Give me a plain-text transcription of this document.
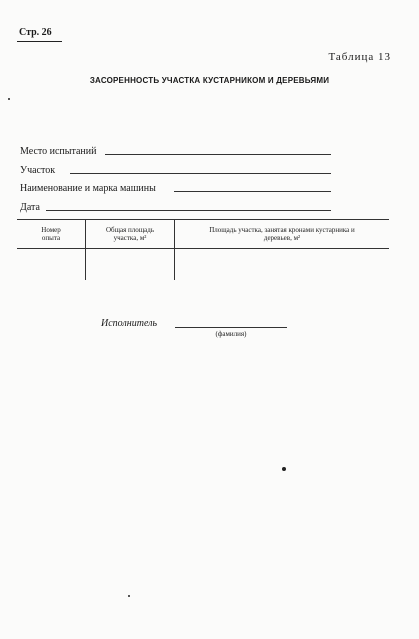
Стр. 26
Таблица 13
ЗАСОРЕННОСТЬ УЧАСТКА КУСТАРНИКОМ И ДЕРЕВЬЯМИ
Место испытаний
Участок
Наименование и марка машины
Дата
Номер
опыта
Общая площадь
участка, м²
Площадь участка, занятая кронами кустарника и
деревьев, м²
Исполнитель
(фамилия)
